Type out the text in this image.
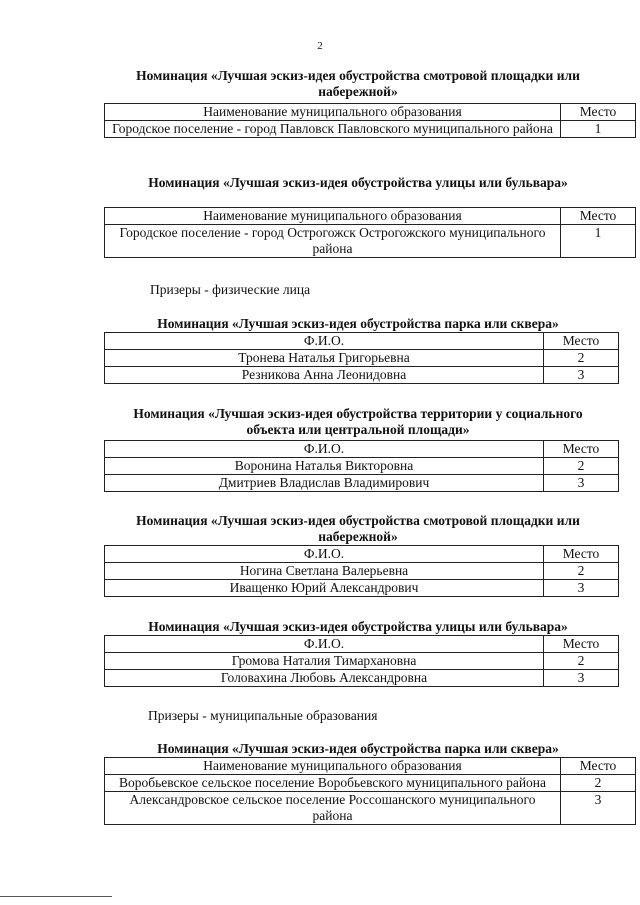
2
Номинация «Лучшая эскиз-идея обустройства смотровой площадки или набережной»
Наименование муниципального образования	Место
Городское поселение - город Павловск Павловского муниципального района	1
Номинация «Лучшая эскиз-идея обустройства улицы или бульвара»
Наименование муниципального образования	Место
Городское поселение - город Острогожск Острогожского муниципального района	1
Призеры - физические лица
Номинация «Лучшая эскиз-идея обустройства парка или сквера»
Ф.И.О.	Место
Тронева Наталья Григорьевна	2
Резникова Анна Леонидовна	3
Номинация «Лучшая эскиз-идея обустройства территории у социального объекта или центральной площади»
Ф.И.О.	Место
Воронина Наталья Викторовна	2
Дмитриев Владислав Владимирович	3
Номинация «Лучшая эскиз-идея обустройства смотровой площадки или набережной»
Ф.И.О.	Место
Ногина Светлана Валерьевна	2
Иващенко Юрий Александрович	3
Номинация «Лучшая эскиз-идея обустройства улицы или бульвара»
Ф.И.О.	Место
Громова Наталия Тимархановна	2
Головахина Любовь Александровна	3
Призеры - муниципальные образования
Номинация «Лучшая эскиз-идея обустройства парка или сквера»
Наименование муниципального образования	Место
Воробьевское сельское поселение Воробьевского муниципального района	2
Александровское сельское поселение Россошанского муниципального района	3
